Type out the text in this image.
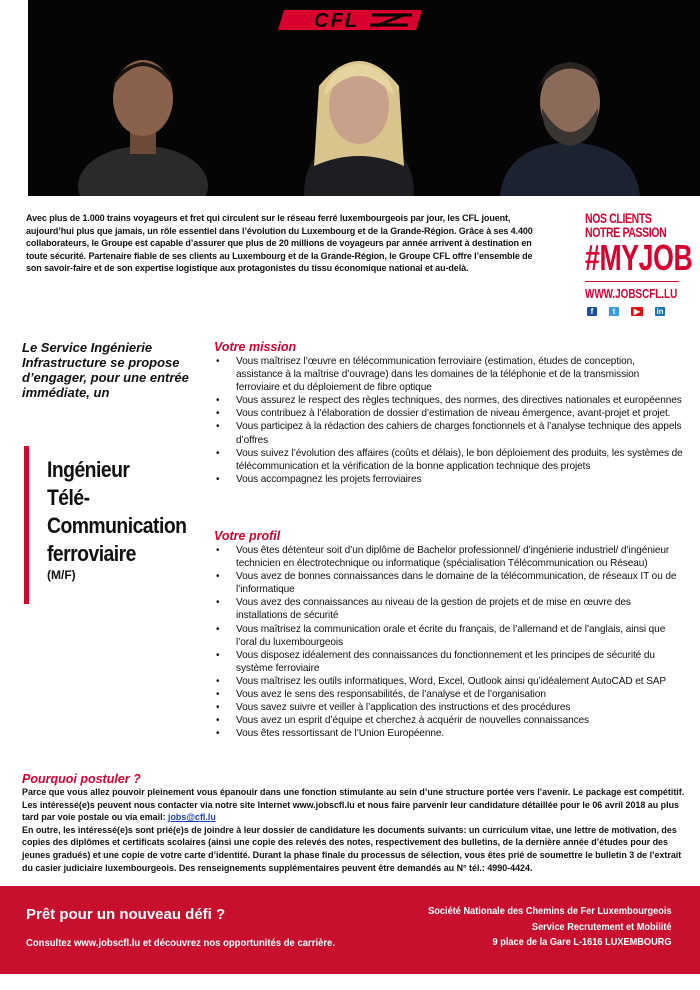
CFL

Avec plus de 1.000 trains voyageurs et fret qui circulent sur le réseau ferré luxembourgeois par jour, les CFL jouent, aujourd’hui plus que jamais, un rôle essentiel dans l’évolution du Luxembourg et de la Grande-Région. Grâce à ses 4.400 collaborateurs, le Groupe est capable d’assurer que plus de 20 millions de voyageurs par année arrivent à destination en toute sécurité. Partenaire fiable de ses clients au Luxembourg et de la Grande-Région, le Groupe CFL offre l’ensemble de son savoir-faire et de son expertise logistique aux protagonistes du tissu économique national et au-delà.

NOS CLIENTS
NOTRE PASSION
#MYJOB
WWW.JOBSCFL.LU
f	t	▶	in

Le Service Ingénierie Infrastructure se propose d’engager, pour une entrée immédiate, un

Ingénieur
Télé-
Communication
ferroviaire
(M/F)
Votre mission
• Vous maîtrisez l’œuvre en télécommunication ferroviaire (estimation, études de conception, assistance à la maîtrise d’ouvrage) dans les domaines de la téléphonie et de la transmission ferroviaire et du déploiement de fibre optique
• Vous assurez le respect des règles techniques, des normes, des directives nationales et européennes
• Vous contribuez à l’élaboration de dossier d’estimation de niveau émergence, avant-projet et projet.
• Vous participez à la rédaction des cahiers de charges fonctionnels et à l’analyse technique des appels d’offres
• Vous suivez l’évolution des affaires (coûts et délais), le bon déploiement des produits, les systèmes de télécommunication et la vérification de la bonne application technique des projets
• Vous accompagnez les projets ferroviaires
Votre profil
• Vous êtes détenteur soit d’un diplôme de Bachelor professionnel/ d’ingénierie industriel/ d’ingénieur technicien en électrotechnique ou informatique (spécialisation Télécommunication ou Réseau)
• Vous avez de bonnes connaissances dans le domaine de la télécommunication, de réseaux IT ou de l’informatique
• Vous avez des connaissances au niveau de la gestion de projets et de mise en œuvre des installations de sécurité
• Vous maîtrisez la communication orale et écrite du français, de l’allemand et de l’anglais, ainsi que l’oral du luxembourgeois
• Vous disposez idéalement des connaissances du fonctionnement et les principes de sécurité du système ferroviaire
• Vous maîtrisez les outils informatiques, Word, Excel, Outlook ainsi qu’idéalement AutoCAD et SAP
• Vous avez le sens des responsabilités, de l’analyse et de l’organisation
• Vous savez suivre et veiller à l’application des instructions et des procédures
• Vous avez un esprit d’équipe et cherchez à acquérir de nouvelles connaissances
• Vous êtes ressortissant de l’Union Européenne.
Pourquoi postuler ?
Parce que vous allez pouvoir pleinement vous épanouir dans une fonction stimulante au sein d’une structure portée vers l’avenir. Le package est compétitif.
Les intéressé(e)s peuvent nous contacter via notre site Internet www.jobscfl.lu et nous faire parvenir leur candidature détaillée pour le 06 avril 2018 au plus tard par voie postale ou via email: jobs@cfl.lu
En outre, les intéressé(e)s sont prié(e)s de joindre à leur dossier de candidature les documents suivants: un curriculum vitae, une lettre de motivation, des copies des diplômes et certificats scolaires (ainsi une copie des relevés des notes, respectivement des bulletins, de la dernière année d’études pour des jeunes gradués) et une copie de votre carte d’identité. Durant la phase finale du processus de sélection, vous êtes prié de soumettre le bulletin 3 de l’extrait du casier judiciaire luxembourgeois. Des renseignements supplémentaires peuvent être demandés au N° tél.: 4990-4424.
Prêt pour un nouveau défi ?
Consultez www.jobscfl.lu et découvrez nos opportunités de carrière.
Société Nationale des Chemins de Fer Luxembourgeois
Service Recrutement et Mobilité
9 place de la Gare L-1616 LUXEMBOURG
